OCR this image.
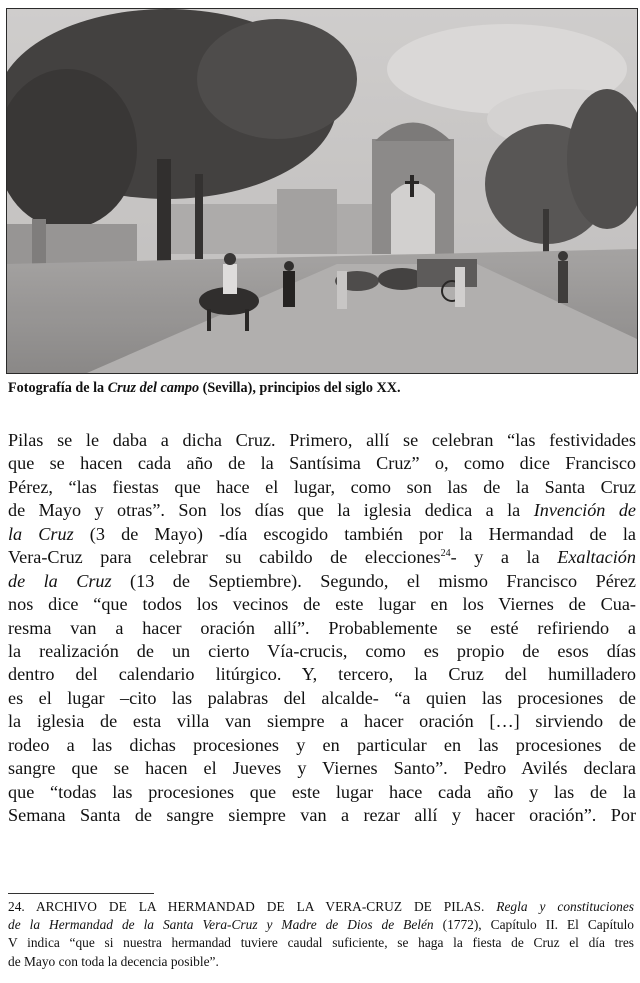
Fotografía de la Cruz del campo (Sevilla), principios del siglo XX.
Pilas se le daba a dicha Cruz. Primero, allí se celebran “las festividades
que se hacen cada año de la Santísima Cruz” o, como dice Francisco
Pérez, “las fiestas que hace el lugar, como son las de la Santa Cruz
de Mayo y otras”. Son los días que la iglesia dedica a la Invención de
la Cruz (3 de Mayo) -día escogido también por la Hermandad de la
Vera-Cruz para celebrar su cabildo de elecciones$^{24}$- y a la Exaltación
de la Cruz (13 de Septiembre). Segundo, el mismo Francisco Pérez
nos dice “que todos los vecinos de este lugar en los Viernes de Cua-
resma van a hacer oración allí”. Probablemente se esté refiriendo a
la realización de un cierto Vía-crucis, como es propio de esos días
dentro del calendario litúrgico. Y, tercero, la Cruz del humilladero
es el lugar –cito las palabras del alcalde- “a quien las procesiones de
la iglesia de esta villa van siempre a hacer oración […] sirviendo de
rodeo a las dichas procesiones y en particular en las procesiones de
sangre que se hacen el Jueves y Viernes Santo”. Pedro Avilés declara
que “todas las procesiones que este lugar hace cada año y las de la
Semana Santa de sangre siempre van a rezar allí y hacer oración”. Por
24. ARCHIVO DE LA HERMANDAD DE LA VERA-CRUZ DE PILAS. Regla y constituciones
de la Hermandad de la Santa Vera-Cruz y Madre de Dios de Belén (1772), Capítulo II. El Capítulo
V indica “que si nuestra hermandad tuviere caudal suficiente, se haga la fiesta de Cruz el día tres
de Mayo con toda la decencia posible”.
